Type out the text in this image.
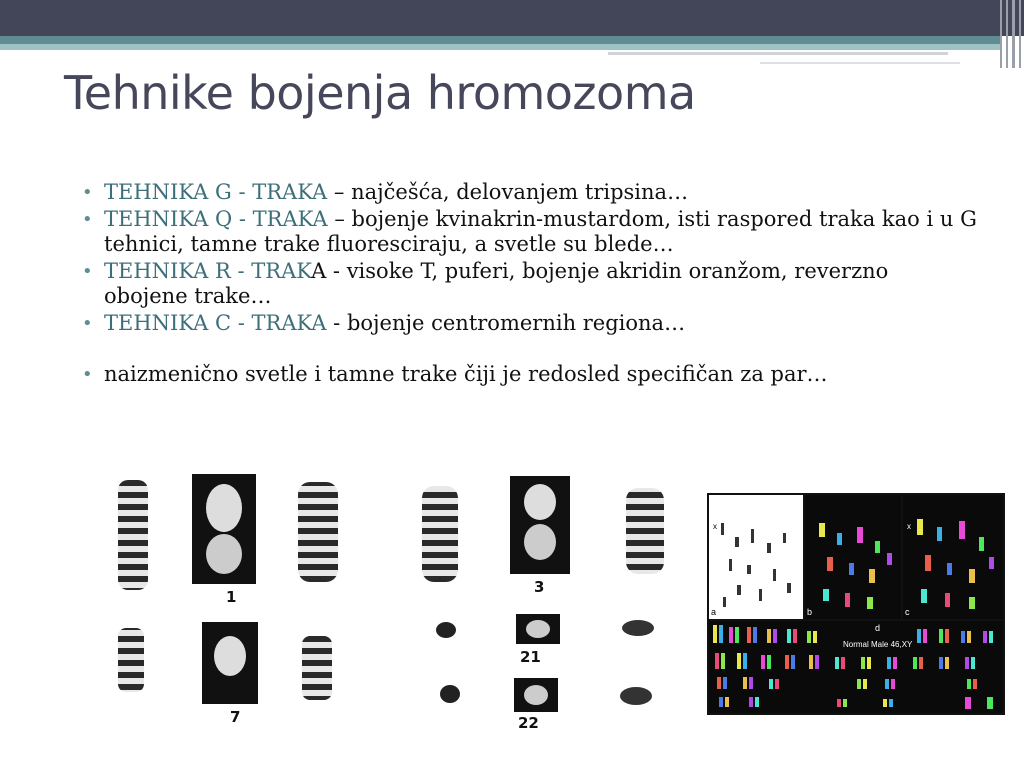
Tehnike bojenja hromozoma
• TEHNIKA G - TRAKA – najčešća, delovanjem tripsina…
• TEHNIKA Q - TRAKA – bojenje kvinakrin-mustardom, isti raspored traka kao i u G tehnici, tamne trake fluoresciraju, a svetle su blede…
• TEHNIKA R - TRAKA - visoke T, puferi, bojenje akridin oranžom, reverzno obojene trake…
• TEHNIKA C - TRAKA - bojenje centromernih regiona…
• naizmenično svetle i tamne trake čiji je redosled specifičan za par…
1
3
7
21
22
a	b	c
x	x
d
Normal Male 46,XY
